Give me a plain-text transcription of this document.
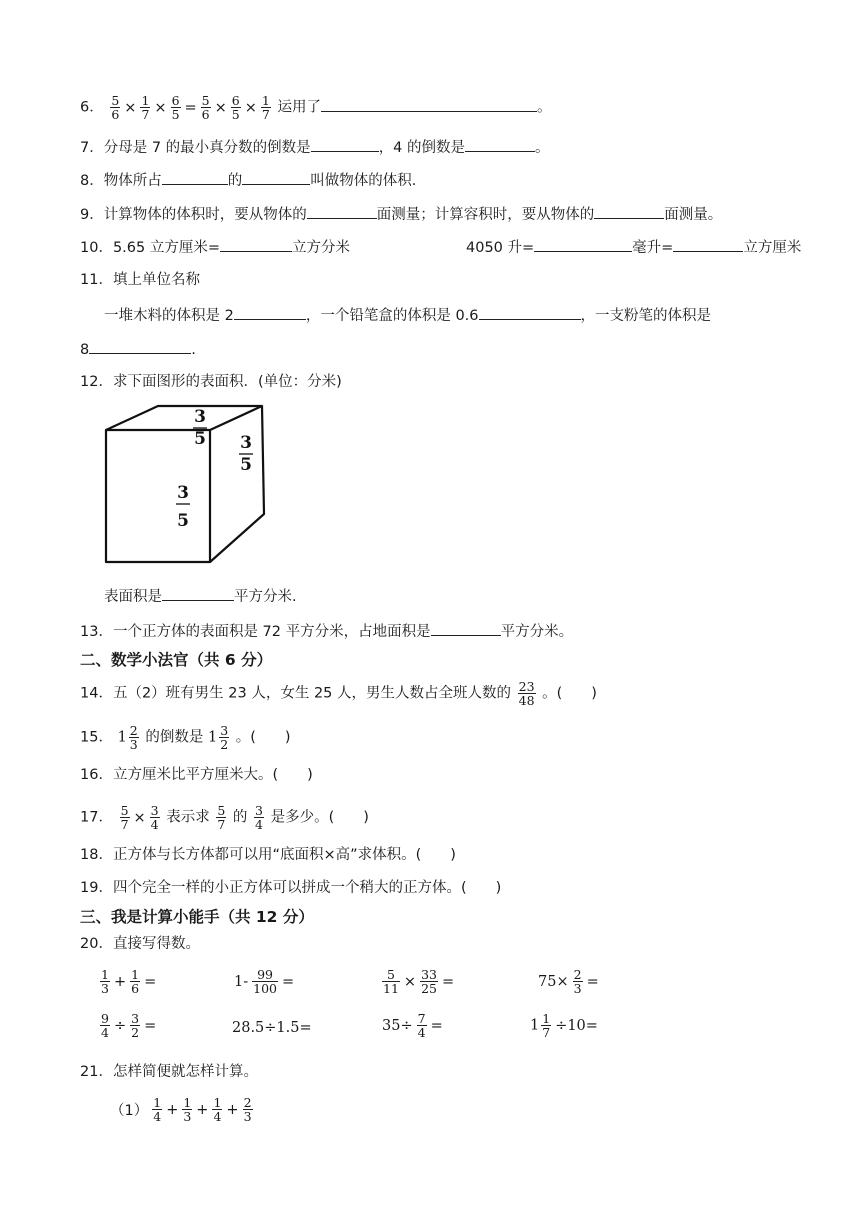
6． $\frac{5}{6} \times \frac{1}{7} \times \frac{6}{5} = \frac{5}{6} \times \frac{6}{5} \times \frac{1}{7}$ 运用了	。
7．分母是 7 的最小真分数的倒数是	，4 的倒数是	。
8．物体所占	的	叫做物体的体积.
9．计算物体的体积时，要从物体的	面测量；计算容积时，要从物体的	面测量。
10．5.65 立方厘米=	立方分米	4050 升=	毫升=	立方厘米
11．填上单位名称
一堆木料的体积是 2	，一个铅笔盒的体积是 0.6	，一支粉笔的体积是
8	.
12．求下面图形的表面积．(单位：分米)
3
5 3
5
3
5
表面积是	平方分米.
13．一个正方体的表面积是 72 平方分米，占地面积是	平方分米。
二、数学小法官（共 6 分）
14．五（2）班有男生 23 人，女生 25 人，男生人数占全班人数的 $\frac{23}{48}$ 。(　　)
15． $1 \frac{2}{3}$ 的倒数是 $1 \frac{3}{2}$ 。(　　)
16．立方厘米比平方厘米大。(　　)
17． $\frac{5}{7} \times \frac{3}{4}$ 表示求 $\frac{5}{7}$ 的 $\frac{3}{4}$ 是多少。(　　)
18．正方体与长方体都可以用“底面积×高”求体积。(　　)
19．四个完全一样的小正方体可以拼成一个稍大的正方体。(　　)
三、我是计算小能手（共 12 分）
20．直接写得数。
$\frac{1}{3} + \frac{1}{6}$ =	$1- \frac{99}{100}$ =	$\frac{5}{11} \times \frac{33}{25}$ =	$75\times \frac{2}{3}$ =
$\frac{9}{4} \div \frac{3}{2}$ =	28.5÷1.5=	$35\div \frac{7}{4}$ =	$1 \frac{1}{7} \div 10=$
21．怎样简便就怎样计算。
$(1) \frac{1}{4} + \frac{1}{3} + \frac{1}{4} + \frac{2}{3}$
